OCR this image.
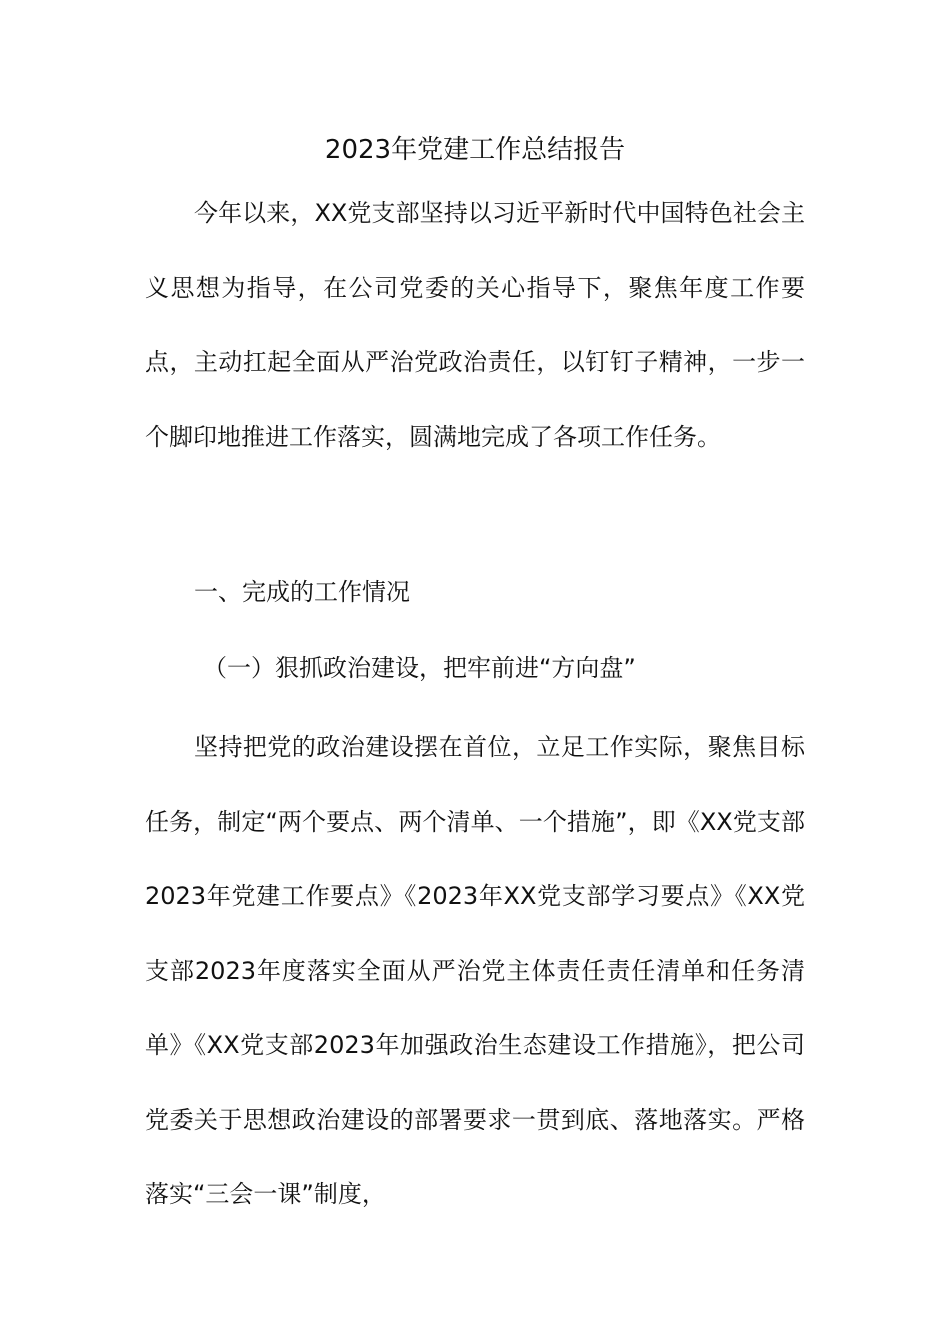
2023年党建工作总结报告

今年以来，XX党支部坚持以习近平新时代中国特色社会主义思想为指导，在公司党委的关心指导下，聚焦年度工作要点，主动扛起全面从严治党政治责任，以钉钉子精神，一步一个脚印地推进工作落实，圆满地完成了各项工作任务。

一、完成的工作情况
（一）狠抓政治建设，把牢前进“方向盘”

坚持把党的政治建设摆在首位，立足工作实际，聚焦目标任务，制定“两个要点、两个清单、一个措施”，即《XX党支部2023年党建工作要点》《2023年XX党支部学习要点》《XX党支部2023年度落实全面从严治党主体责任责任清单和任务清单》《XX党支部2023年加强政治生态建设工作措施》，把公司党委关于思想政治建设的部署要求一贯到底、落地落实。严格落实“三会一课”制度，
